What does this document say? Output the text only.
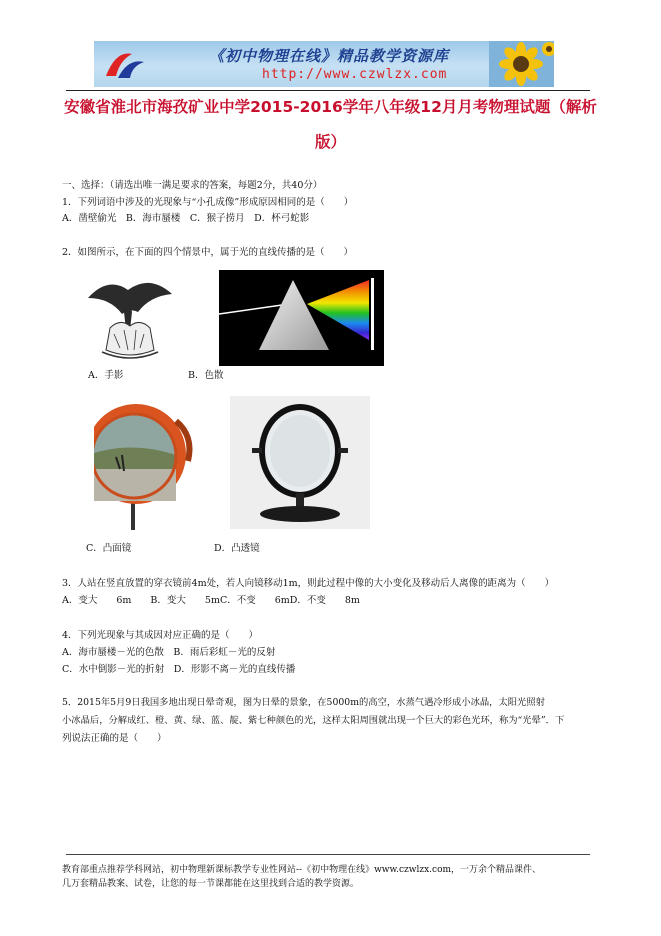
《初中物理在线》精品教学资源库
http://www.czwlzx.com
安徽省淮北市海孜矿业中学2015-2016学年八年级12月月考物理试题（解析
版）
一、选择：（请选出唯一满足要求的答案，每题2分，共40分）
1．下列词语中涉及的光现象与“小孔成像”形成原因相同的是（　　）
A．凿壁偷光　B．海市蜃楼　C．猴子捞月　D．杯弓蛇影
2．如图所示，在下面的四个情景中，属于光的直线传播的是（　　）
A．手影	B．色散
C．凸面镜	D．凸透镜
3．人站在竖直放置的穿衣镜前4m处，若人向镜移动1m，则此过程中像的大小变化及移动后人离像的距离为（　　）
A．变大　　6m　　B．变大　　5mC．不变　　6mD．不变　　8m
4．下列光现象与其成因对应正确的是（　　）
A．海市蜃楼－光的色散　B．雨后彩虹－光的反射
C．水中倒影－光的折射　D．形影不离－光的直线传播
5．2015年5月9日我国多地出现日晕奇观，图为日晕的景象，在5000m的高空，水蒸气遇冷形成小冰晶，太阳光照射
小冰晶后，分解成红、橙、黄、绿、蓝、靛、紫七种颜色的光，这样太阳周围就出现一个巨大的彩色光环，称为“光晕”．下
列说法正确的是（　　）
教育部重点推荐学科网站，初中物理新课标教学专业性网站--《初中物理在线》www.czwlzx.com，一万余个精品课件、
几万套精品教案、试卷，让您的每一节课都能在这里找到合适的教学资源。
